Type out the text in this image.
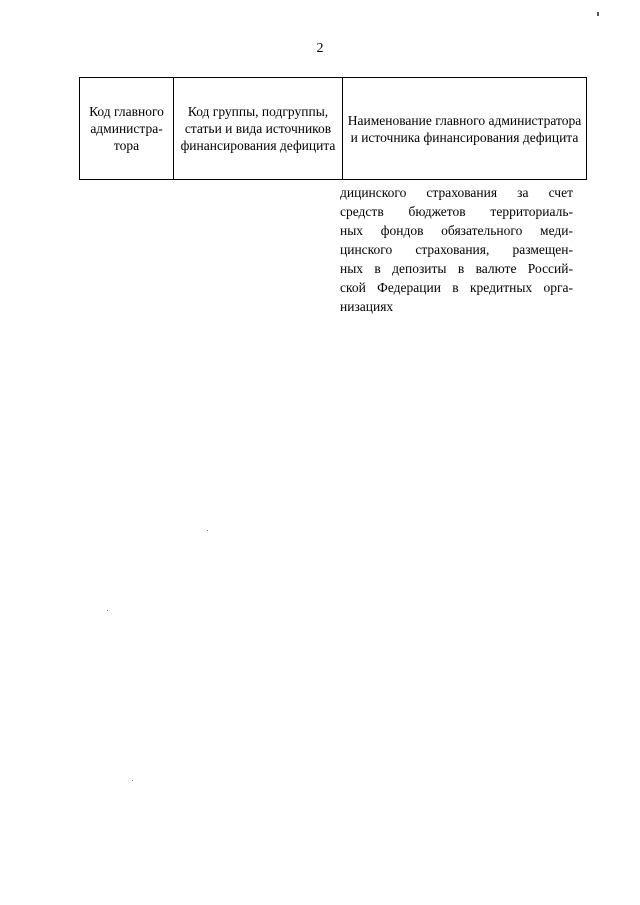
2
Код главного администра-тора	Код группы, подгруппы, статьи и вида источников финансирования дефицита	Наименование главного администратора и источника финансирования дефицита
дицинского страхования за счет
средств бюджетов территориаль-
ных фондов обязательного меди-
цинского страхования, размещен-
ных в депозиты в валюте Россий-
ской Федерации в кредитных орга-
низациях
